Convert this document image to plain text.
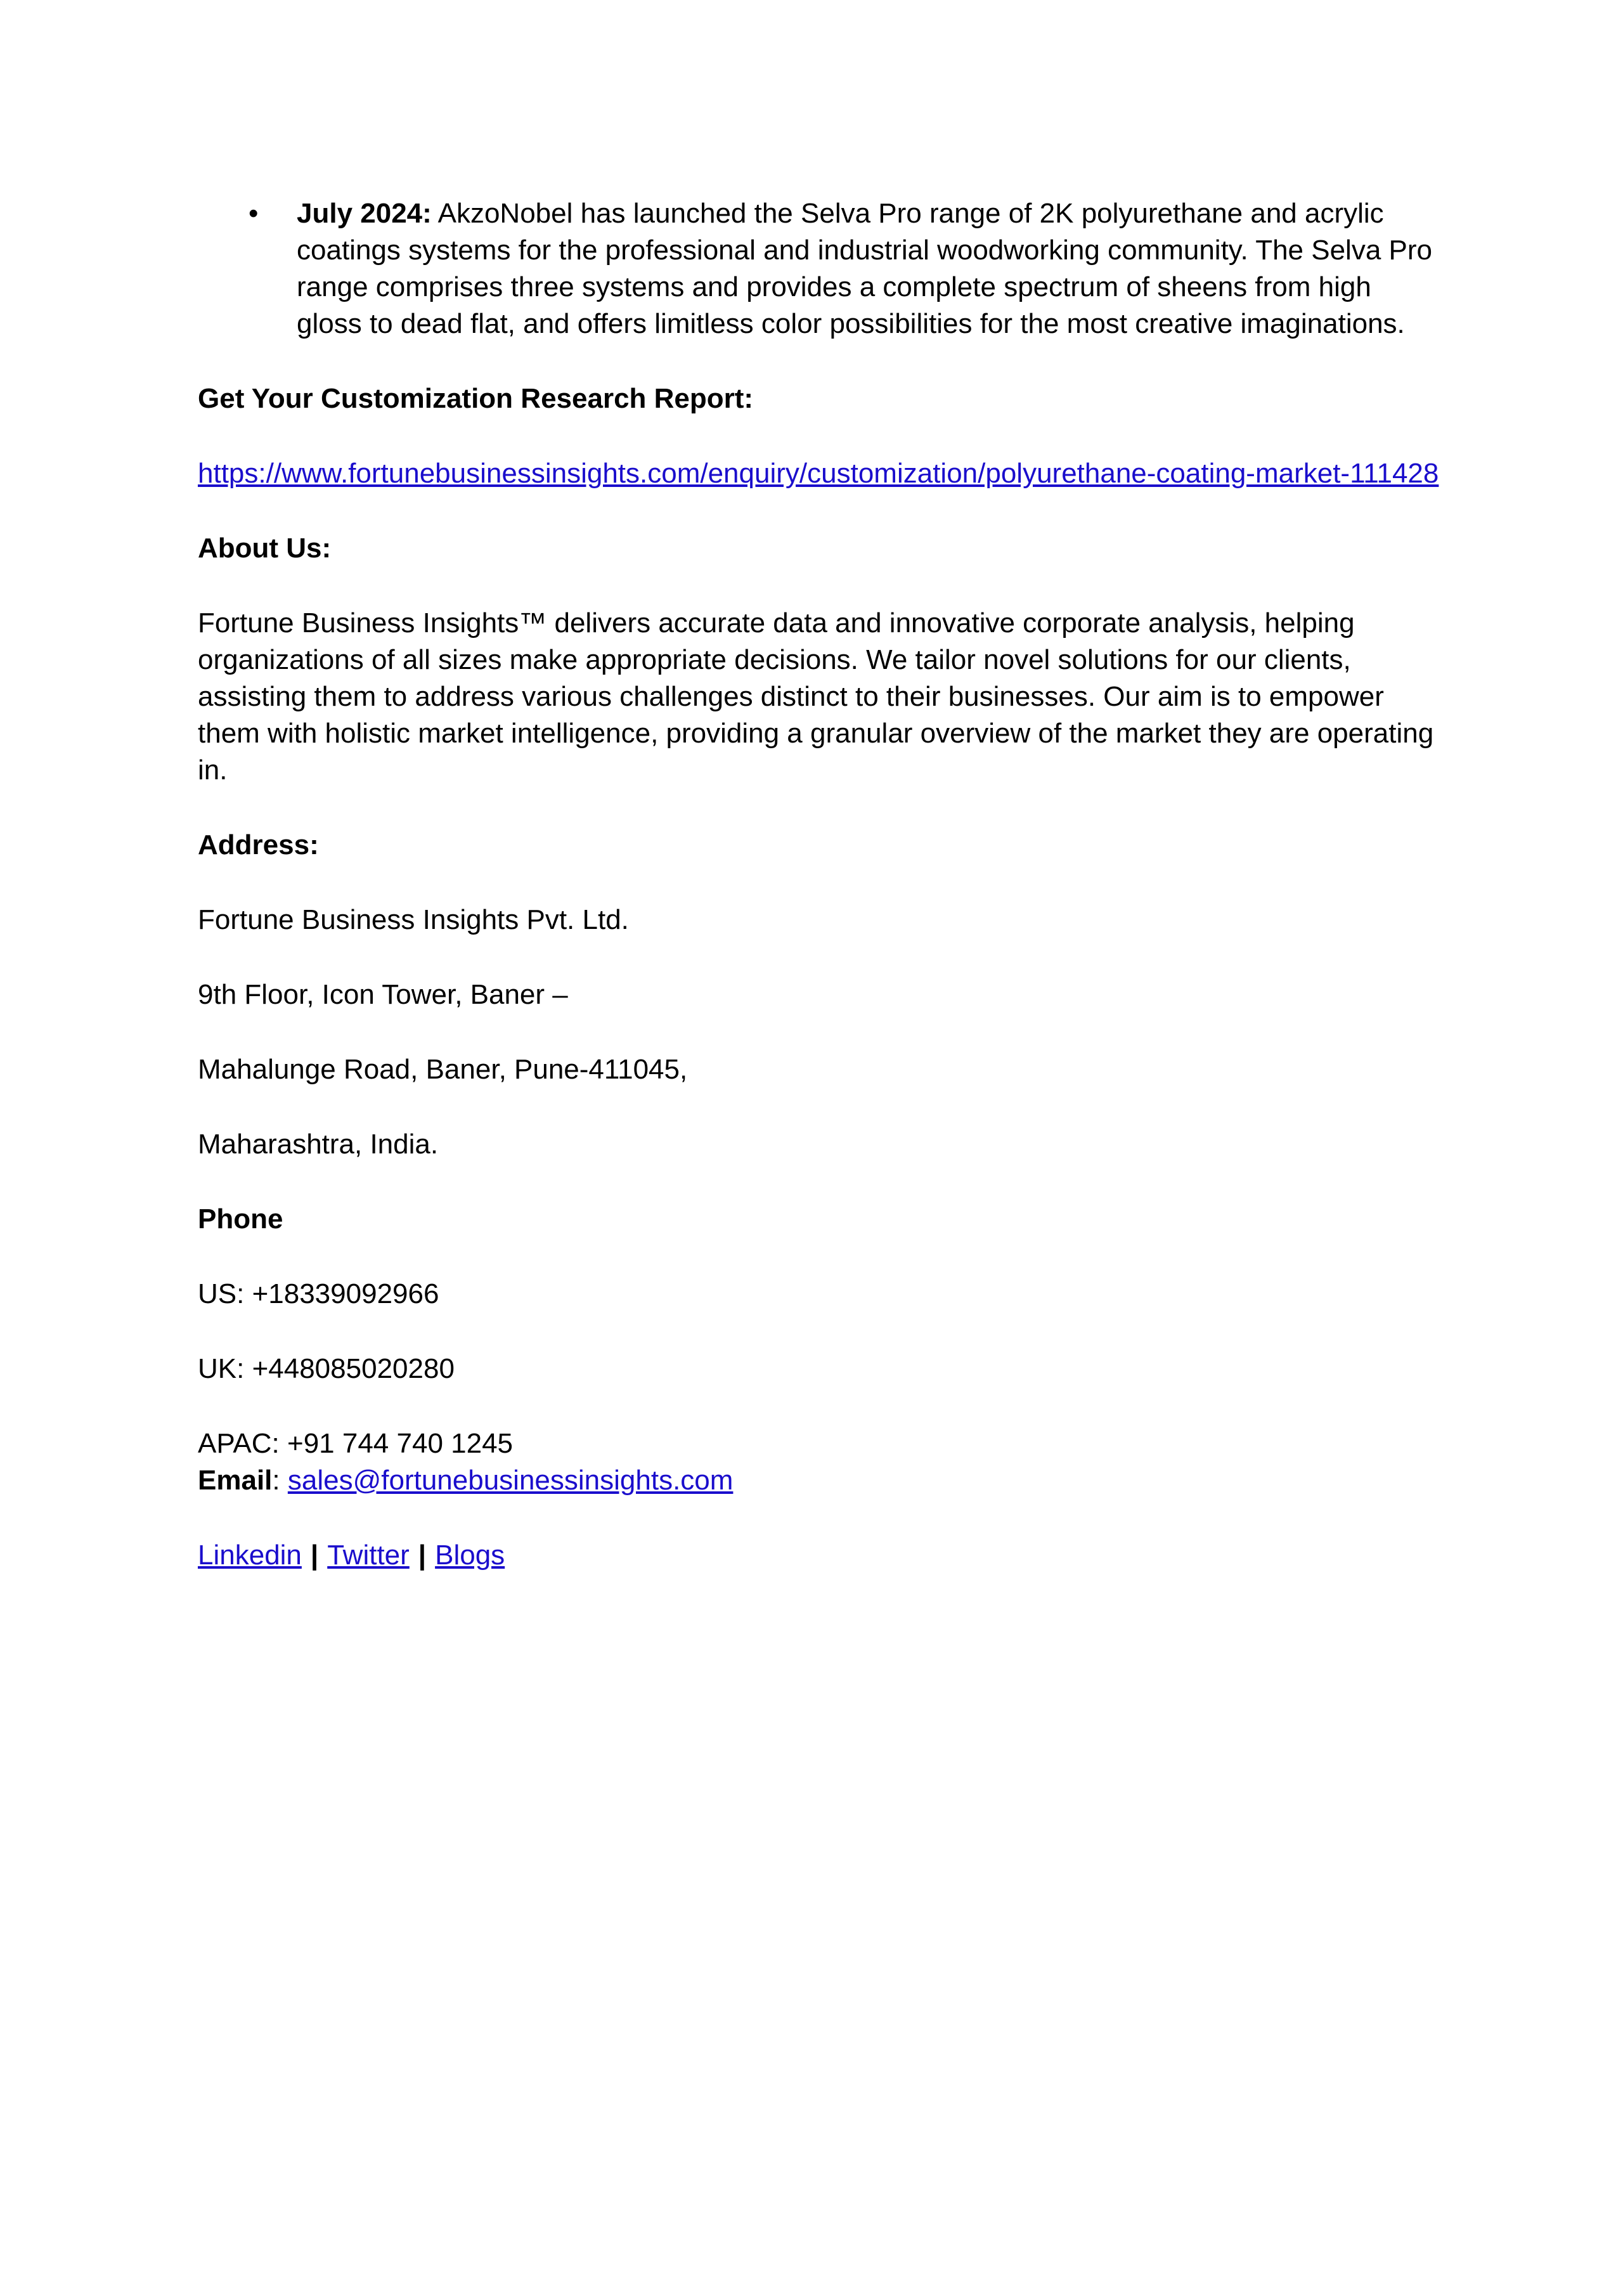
• July 2024: AkzoNobel has launched the Selva Pro range of 2K polyurethane and acrylic coatings systems for the professional and industrial woodworking community. The Selva Pro range comprises three systems and provides a complete spectrum of sheens from high gloss to dead flat, and offers limitless color possibilities for the most creative imaginations.

Get Your Customization Research Report:

https://www.fortunebusinessinsights.com/enquiry/customization/polyurethane-coating-market-111428

About Us:

Fortune Business Insights™ delivers accurate data and innovative corporate analysis, helping organizations of all sizes make appropriate decisions. We tailor novel solutions for our clients, assisting them to address various challenges distinct to their businesses. Our aim is to empower them with holistic market intelligence, providing a granular overview of the market they are operating in.

Address:

Fortune Business Insights Pvt. Ltd.

9th Floor, Icon Tower, Baner –

Mahalunge Road, Baner, Pune-411045,

Maharashtra, India.

Phone

US: +18339092966

UK: +448085020280

APAC: +91 744 740 1245

Email: sales@fortunebusinessinsights.com

Linkedin | Twitter | Blogs
